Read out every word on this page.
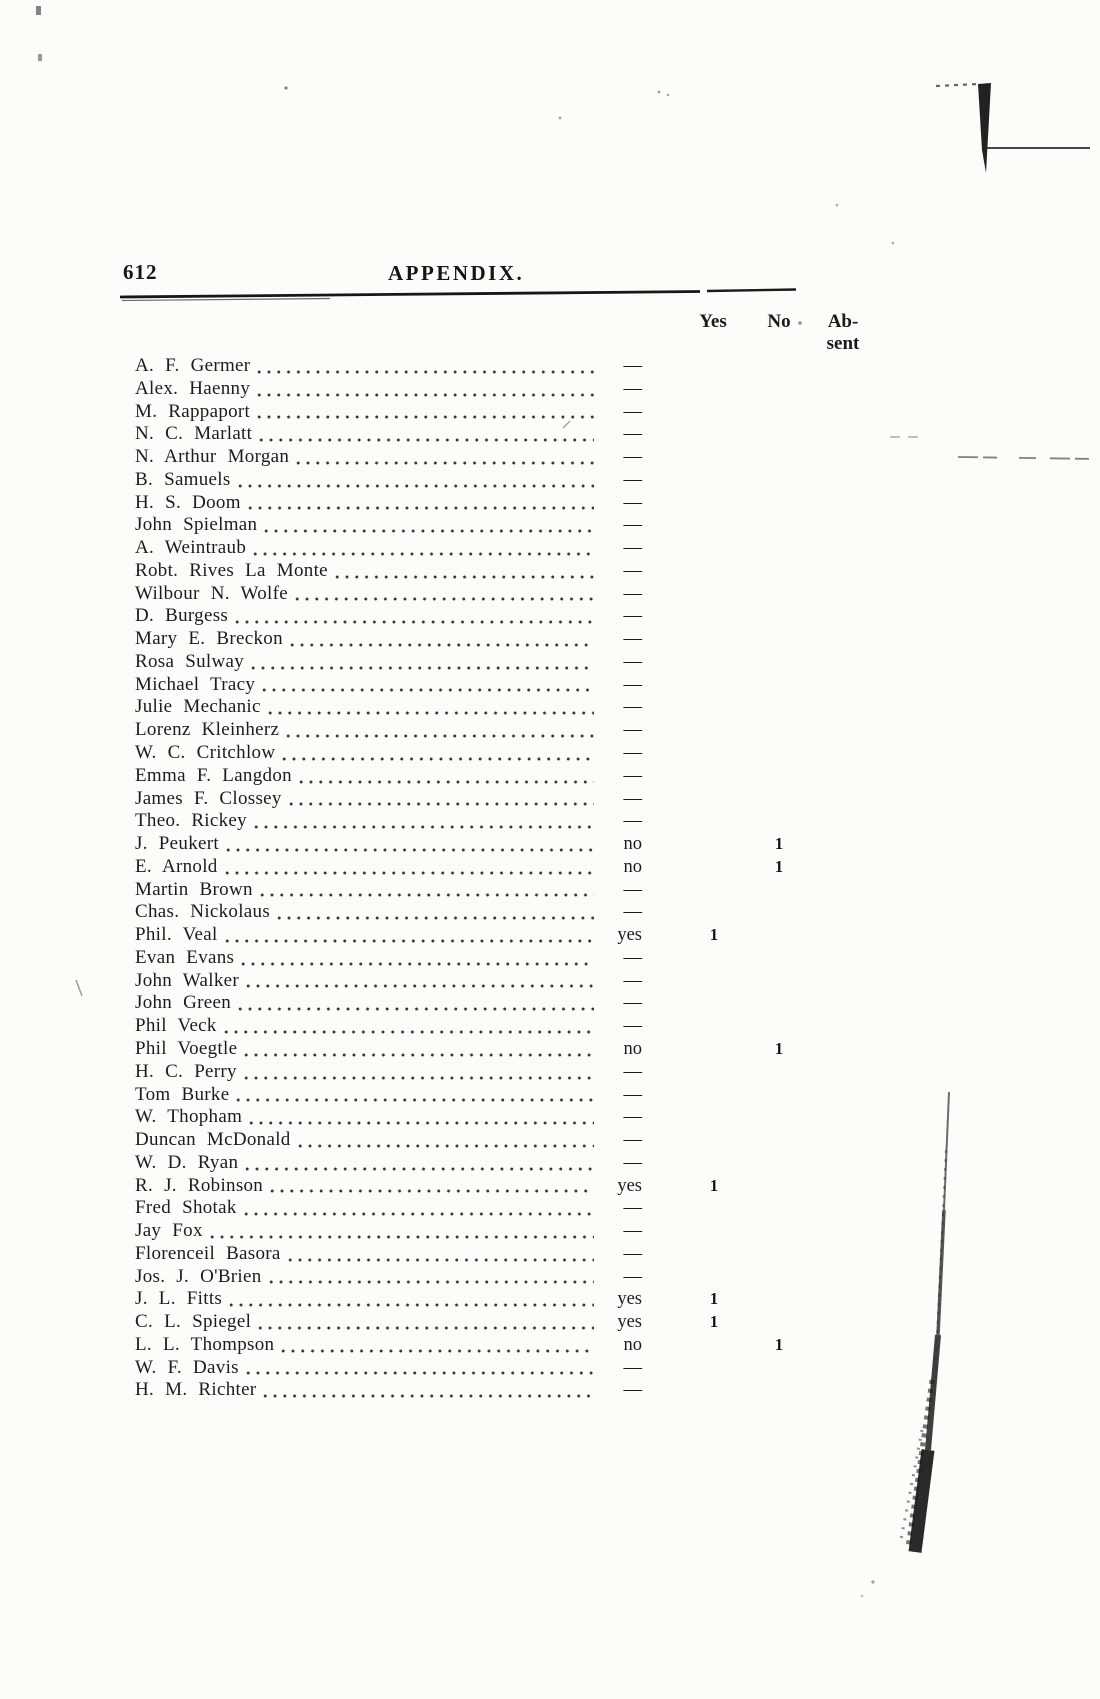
612	APPENDIX.
Yes	No	Ab-
sent
A. F. Germer	—
Alex. Haenny	—
M. Rappaport	—
N. C. Marlatt	—
N. Arthur Morgan	—
B. Samuels	—
H. S. Doom	—
John Spielman	—
A. Weintraub	—
Robt. Rives La Monte	—
Wilbour N. Wolfe	—
D. Burgess	—
Mary E. Breckon	—
Rosa Sulway	—
Michael Tracy	—
Julie Mechanic	—
Lorenz Kleinherz	—
W. C. Critchlow	—
Emma F. Langdon	—
James F. Clossey	—
Theo. Rickey	—
J. Peukert	no	1
E. Arnold	no	1
Martin Brown	—
Chas. Nickolaus	—
Phil. Veal	yes	1
Evan Evans	—
John Walker	—
John Green	—
Phil Veck	—
Phil Voegtle	no	1
H. C. Perry	—
Tom Burke	—
W. Thopham	—
Duncan McDonald	—
W. D. Ryan	—
R. J. Robinson	yes	1
Fred Shotak	—
Jay Fox	—
Florenceil Basora	—
Jos. J. O'Brien	—
J. L. Fitts	yes	1
C. L. Spiegel	yes	1
L. L. Thompson	no	1
W. F. Davis	—
H. M. Richter	—
